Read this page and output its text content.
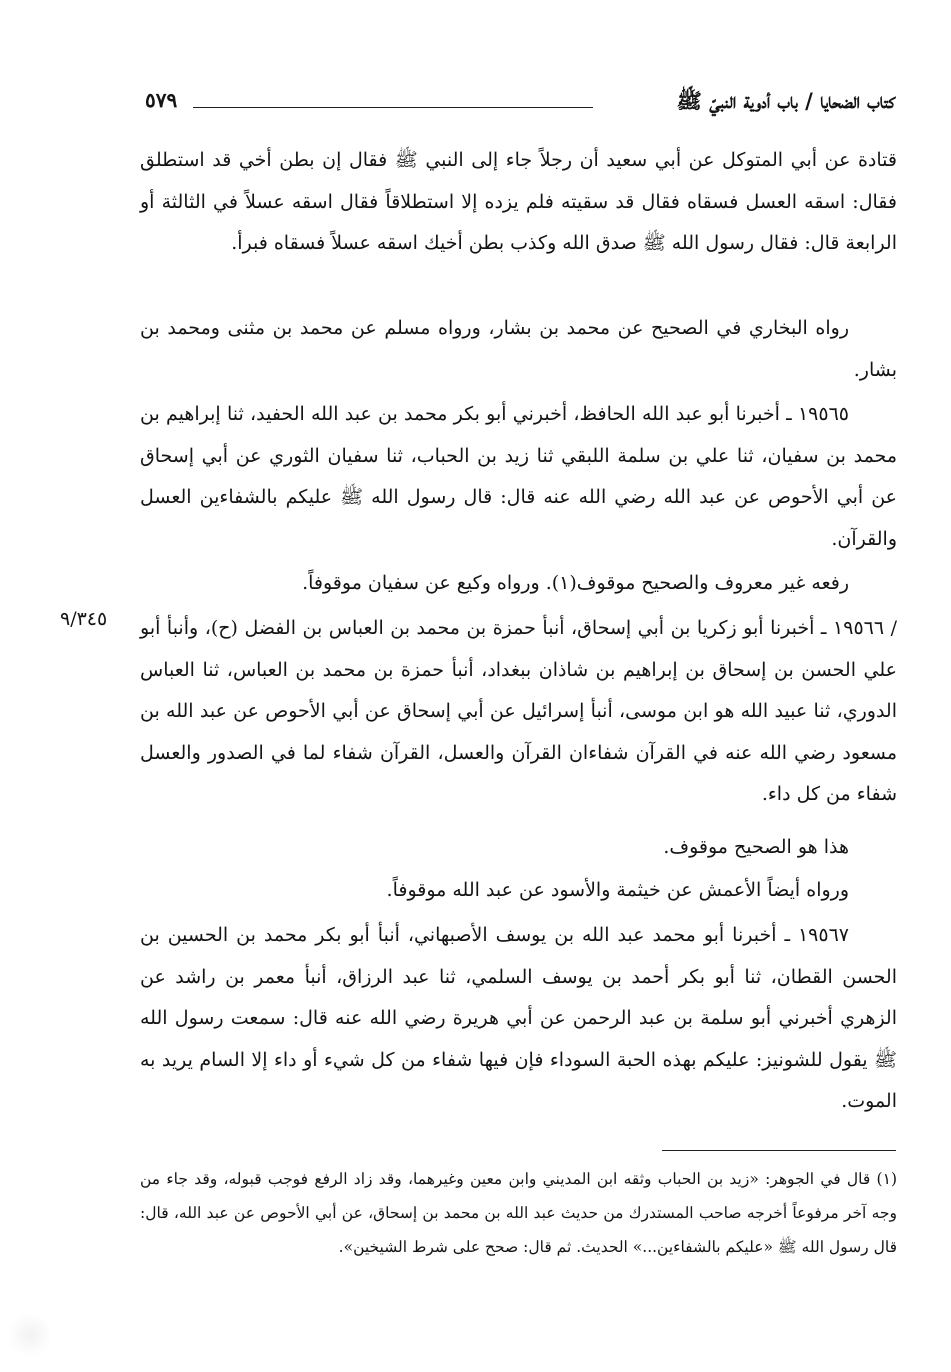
كتاب الضحايا / باب أدوية النبيّ ﷺ
٥٧٩

قتادة عن أبي المتوكل عن أبي سعيد أن رجلاً جاء إلى النبي ﷺ فقال إن بطن أخي قد استطلق فقال: اسقه العسل فسقاه فقال قد سقيته فلم يزده إلا استطلاقاً فقال اسقه عسلاً في الثالثة أو الرابعة قال: فقال رسول الله ﷺ صدق الله وكذب بطن أخيك اسقه عسلاً فسقاه فبرأ.

رواه البخاري في الصحيح عن محمد بن بشار، ورواه مسلم عن محمد بن مثنى ومحمد بن بشار.

١٩٥٦٥ ـ أخبرنا أبو عبد الله الحافظ، أخبرني أبو بكر محمد بن عبد الله الحفيد، ثنا إبراهيم بن محمد بن سفيان، ثنا علي بن سلمة اللبقي ثنا زيد بن الحباب، ثنا سفيان الثوري عن أبي إسحاق عن أبي الأحوص عن عبد الله رضي الله عنه قال: قال رسول الله ﷺ عليكم بالشفاءين العسل والقرآن.

رفعه غير معروف والصحيح موقوف(١). ورواه وكيع عن سفيان موقوفاً.

٩/٣٤٥ / ١٩٥٦٦ ـ أخبرنا أبو زكريا بن أبي إسحاق، أنبأ حمزة بن محمد بن العباس بن الفضل (ح)، وأنبأ أبو علي الحسن بن إسحاق بن إبراهيم بن شاذان ببغداد، أنبأ حمزة بن محمد بن العباس، ثنا العباس الدوري، ثنا عبيد الله هو ابن موسى، أنبأ إسرائيل عن أبي إسحاق عن أبي الأحوص عن عبد الله بن مسعود رضي الله عنه في القرآن شفاءان القرآن والعسل، القرآن شفاء لما في الصدور والعسل شفاء من كل داء.

هذا هو الصحيح موقوف.

ورواه أيضاً الأعمش عن خيثمة والأسود عن عبد الله موقوفاً.

١٩٥٦٧ ـ أخبرنا أبو محمد عبد الله بن يوسف الأصبهاني، أنبأ أبو بكر محمد بن الحسين بن الحسن القطان، ثنا أبو بكر أحمد بن يوسف السلمي، ثنا عبد الرزاق، أنبأ معمر بن راشد عن الزهري أخبرني أبو سلمة بن عبد الرحمن عن أبي هريرة رضي الله عنه قال: سمعت رسول الله ﷺ يقول للشونيز: عليكم بهذه الحبة السوداء فإن فيها شفاء من كل شيء أو داء إلا السام يريد به الموت.

(١) قال في الجوهر: «زيد بن الحباب وثقه ابن المديني وابن معين وغيرهما، وقد زاد الرفع فوجب قبوله، وقد جاء من وجه آخر مرفوعاً أخرجه صاحب المستدرك من حديث عبد الله بن محمد بن إسحاق، عن أبي الأحوص عن عبد الله، قال: قال رسول الله ﷺ «عليكم بالشفاءين...» الحديث. ثم قال: صحح على شرط الشيخين».
